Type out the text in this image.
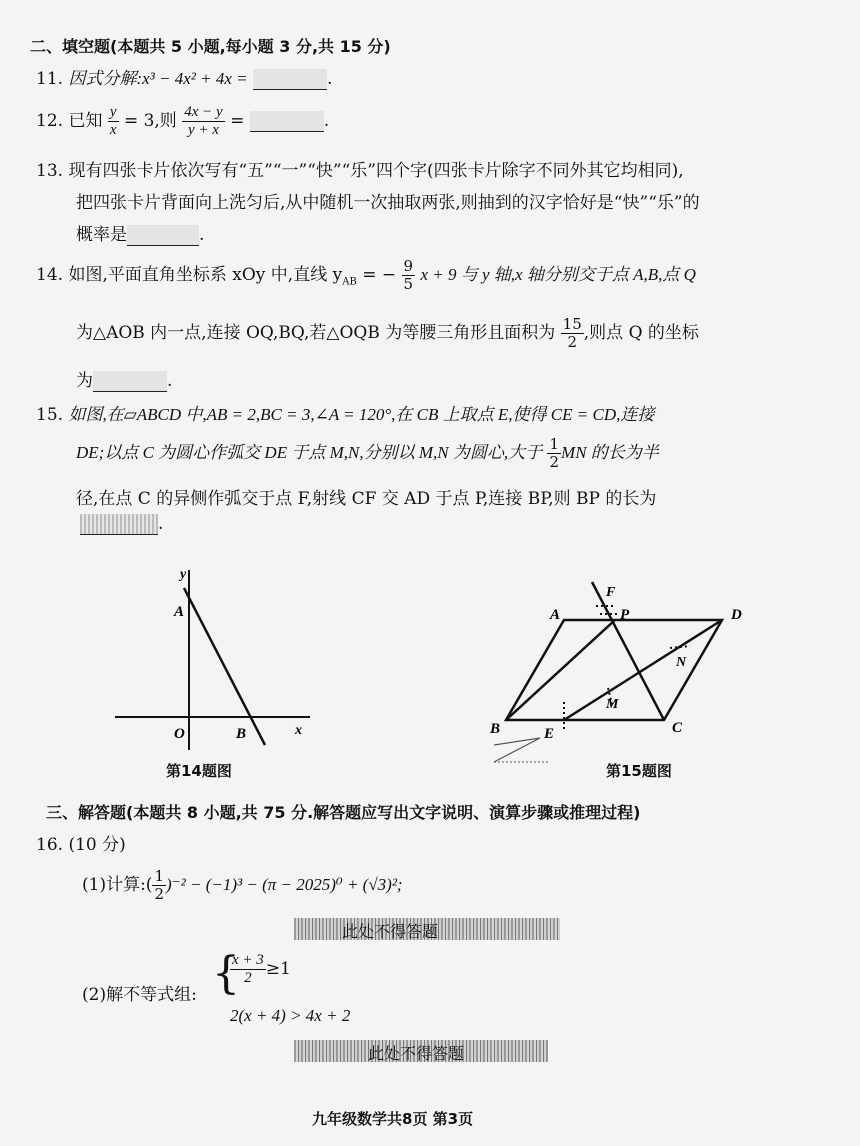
二、填空题(本题共 5 小题,每小题 3 分,共 15 分)
11. 因式分解:x³ − 4x² + 4x =	.
12. 已知 $\frac{y}{x} = 3$,则 $\frac{4x - y}{y + x}$ =	.
13. 现有四张卡片依次写有“五”“一”“快”“乐”四个字(四张卡片除字不同外其它均相同),
把四张卡片背面向上洗匀后,从中随机一次抽取两张,则抽到的汉字恰好是“快”“乐”的
概率是	.
14. 如图,平面直角坐标系 xOy 中,直线 $y_{AB}$ = − $\frac{9}{5}$ x + 9 与 y 轴,x 轴分别交于点 A,B,点 Q
为△AOB 内一点,连接 OQ,BQ,若△OQB 为等腰三角形且面积为 $\frac{15}{2}$ ,则点 Q 的坐标
为	.
15. 如图,在▱ABCD 中,AB = 2,BC = 3,∠A = 120°,在 CB 上取点 E,使得 CE = CD,连接
DE;以点 C 为圆心作弧交 DE 于点 M,N,分别以 M,N 为圆心,大于 $\frac{1}{2}$ MN 的长为半
径,在点 C 的异侧作弧交于点 F,射线 CF 交 AD 于点 P,连接 BP,则 BP 的长为
.
y
x
A
O	B
第14题图
A	P	D
F
N
M
B	E	C
第15题图
三、解答题(本题共 8 小题,共 75 分.解答题应写出文字说明、演算步骤或推理过程)
16. (10 分)
(1)计算:( $\frac{1}{2} )^{-2} - (-1)^3 - (\pi - 2025)^0 + (√3)^2$;
此处不得答题
(2)解不等式组: {
$\frac{x + 3}{2} \ge 1$
2(x + 4) > 4x + 2
此处不得答题
九年级数学共8页 第3页
